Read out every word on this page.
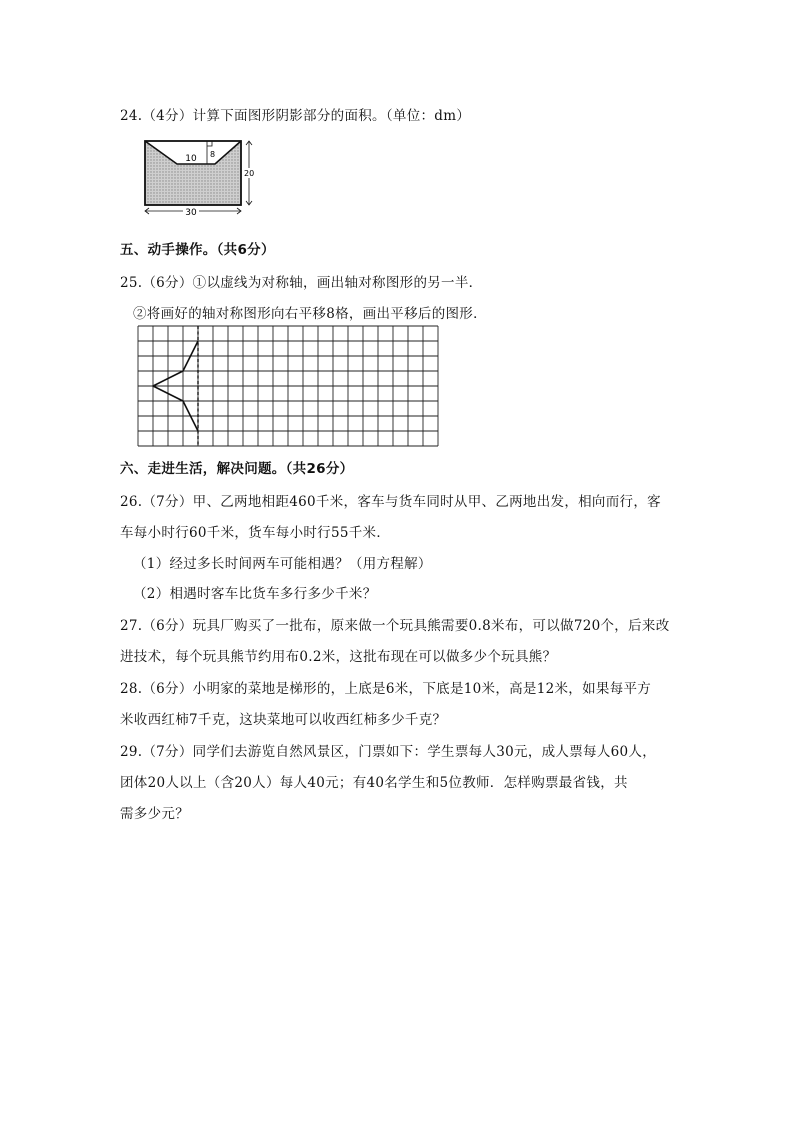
24.（4分）计算下面图形阴影部分的面积。（单位：dm）
30
10 8
20
五、动手操作。（共6分）
25.（6分）①以虚线为对称轴，画出轴对称图形的另一半．
②将画好的轴对称图形向右平移8格，画出平移后的图形．
六、走进生活，解决问题。（共26分）
26.（7分）甲、乙两地相距460千米，客车与货车同时从甲、乙两地出发，相向而行，客
车每小时行60千米，货车每小时行55千米．
（1）经过多长时间两车可能相遇？（用方程解）
（2）相遇时客车比货车多行多少千米？
27.（6分）玩具厂购买了一批布，原来做一个玩具熊需要0.8米布，可以做720个，后来改
进技术，每个玩具熊节约用布0.2米，这批布现在可以做多少个玩具熊？
28.（6分）小明家的菜地是梯形的，上底是6米，下底是10米，高是12米，如果每平方
米收西红柿7千克，这块菜地可以收西红柿多少千克？
29.（7分）同学们去游览自然风景区，门票如下：学生票每人30元，成人票每人60人，
团体20人以上（含20人）每人40元；有40名学生和5位教师．怎样购票最省钱，共
需多少元？
